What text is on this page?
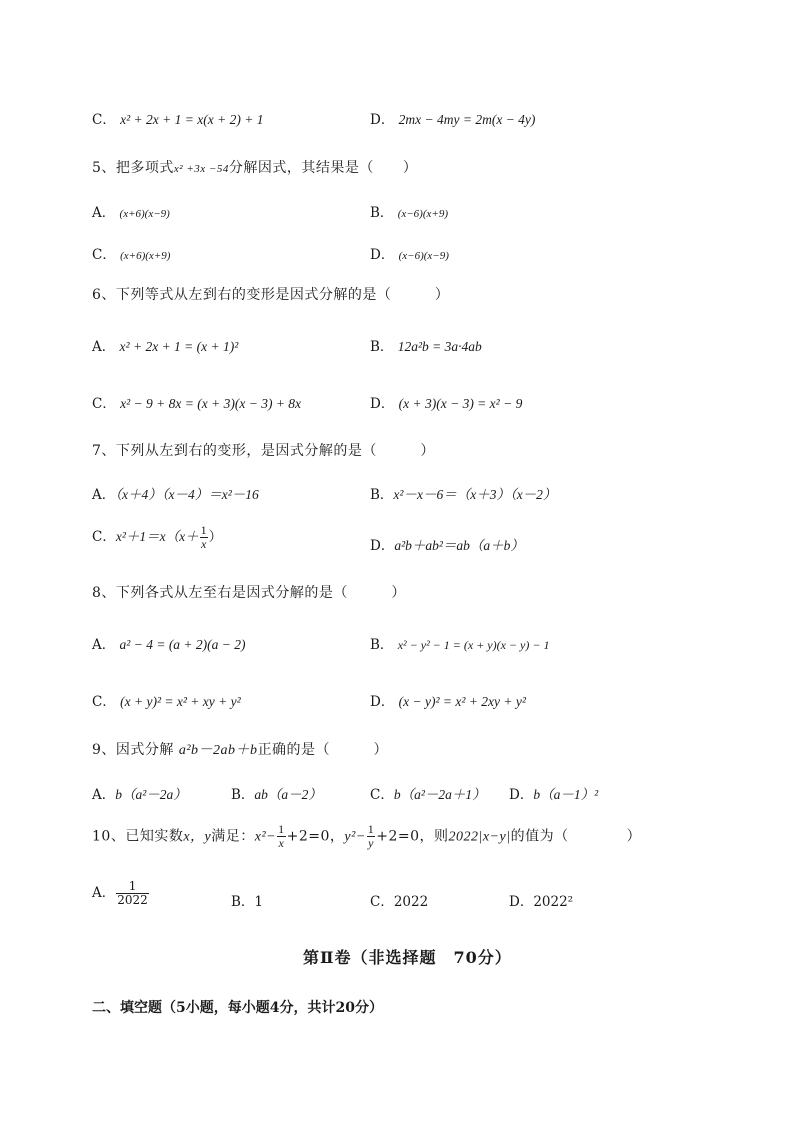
C． x² + 2x + 1 = x(x + 2) + 1	D． 2mx − 4my = 2m(x − 4y)
5、把多项式x² +3x −54分解因式，其结果是（　　）
A． (x+6)(x−9)	B． (x−6)(x+9)
C． (x+6)(x+9)	D． (x−6)(x−9)
6、下列等式从左到右的变形是因式分解的是（　　　）
A． x² + 2x + 1 = (x + 1)²	B． 12a²b = 3a·4ab
C． x² − 9 + 8x = (x + 3)(x − 3) + 8x	D． (x + 3)(x − 3) = x² − 9
7、下列从左到右的变形，是因式分解的是（　　　）
A．（x＋4）（x－4）＝x²－16	B．x²－x－6＝（x＋3）（x－2）
C．$x^2+1=x(x+ \frac{1}{x}$ ）
D．a²b＋ab²＝ab（a＋b）
8、下列各式从左至右是因式分解的是（　　　）
A． a² − 4 = (a + 2)(a − 2)	B． x² − y² − 1 = (x + y)(x − y) − 1
C． (x + y)² = x² + xy + y²	D． (x − y)² = x² + 2xy + y²
9、因式分解 a²b－2ab＋b正确的是（　　　）
A．b（a²－2a）	B．ab（a－2）	C．b（a²－2a＋1） D．b（a－1）²
10、已知实数x，y满足：$x^2- \frac{1}{x} +2=0$，$y^2- \frac{1}{y} +2=0$，则2022|x−y|的值为（　　　　）
A． $\frac{1}{2022}$	B．1	C．2022	D．2022²
第Ⅱ卷（非选择题　70分）
二、填空题（5小题，每小题4分，共计20分）
